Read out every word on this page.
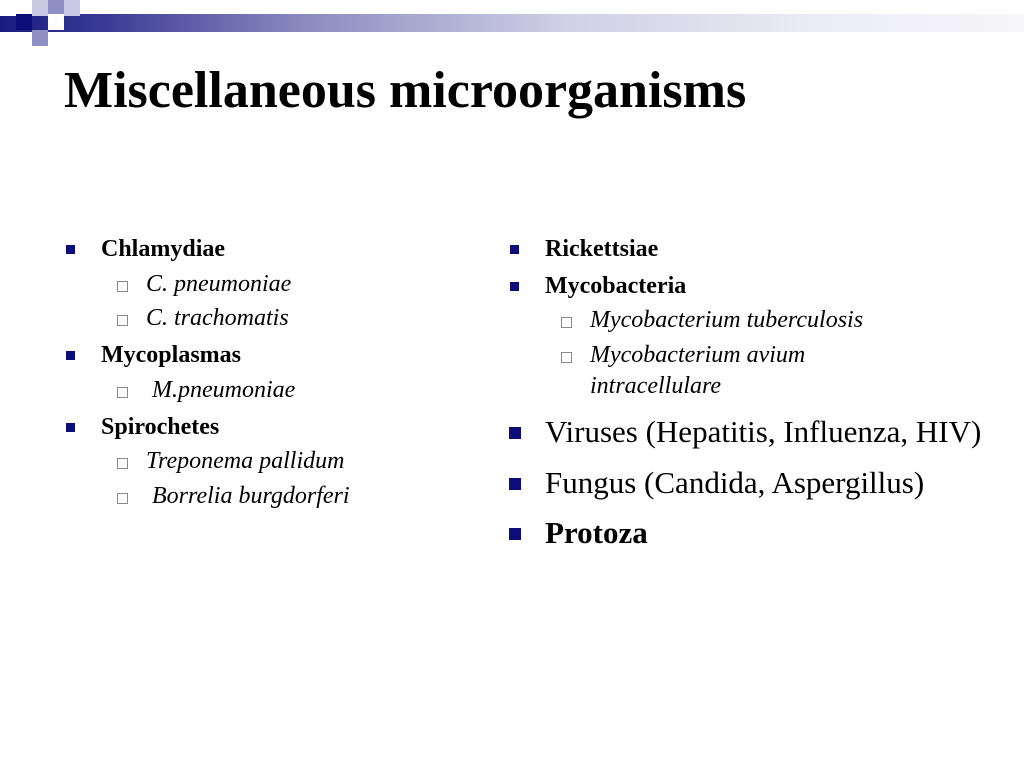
Miscellaneous microorganisms
Chlamydiae
C. pneumoniae
C. trachomatis
Mycoplasmas
M.pneumoniae
Spirochetes
Treponema pallidum
Borrelia burgdorferi
Rickettsiae
Mycobacteria
Mycobacterium tuberculosis
Mycobacterium avium intracellulare
Viruses (Hepatitis, Influenza, HIV)
Fungus (Candida, Aspergillus)
Protoza
